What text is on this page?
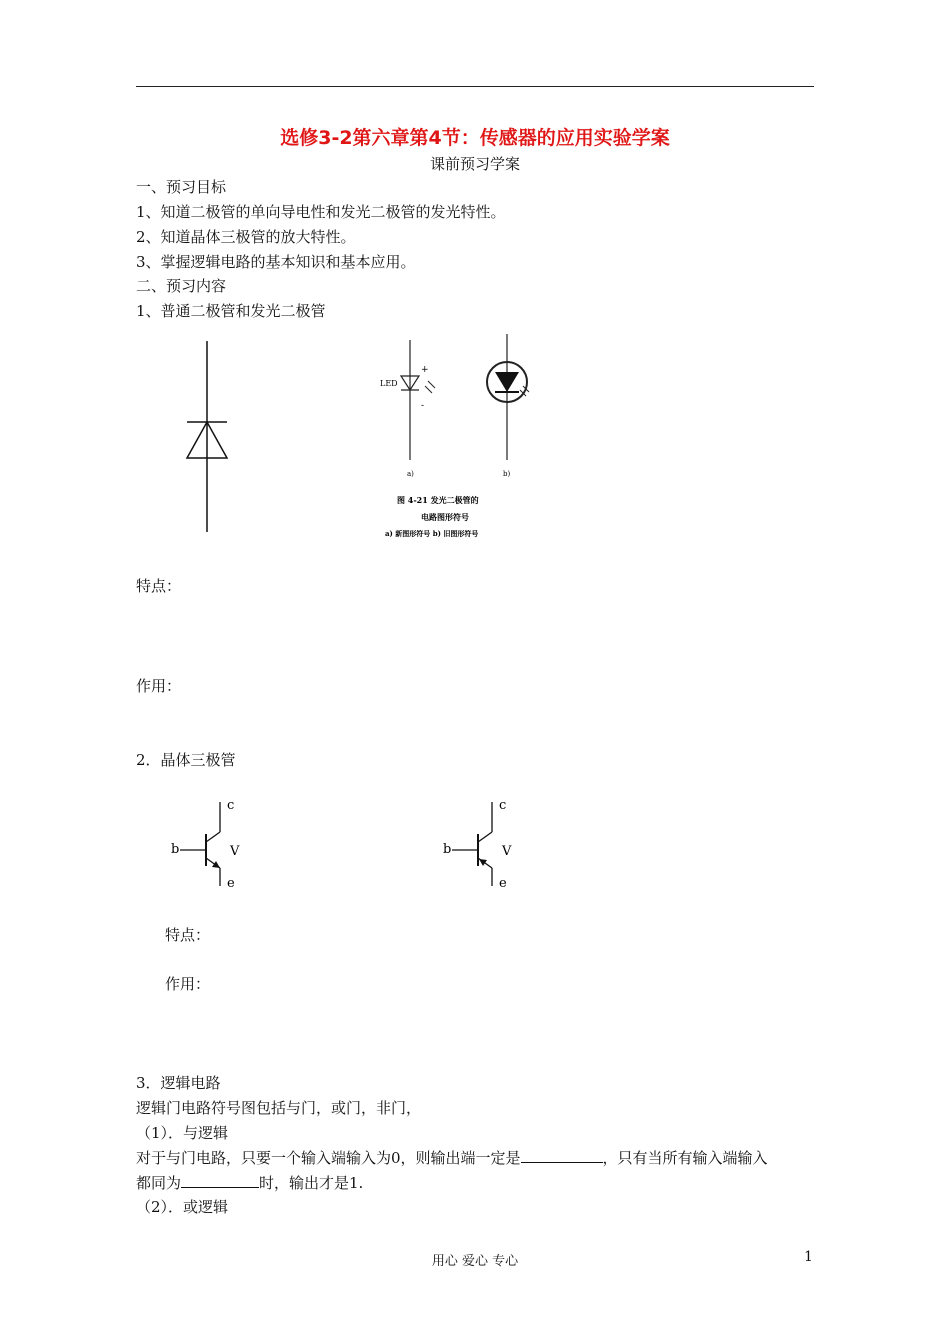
选修3-2第六章第4节：传感器的应用实验学案
课前预习学案
一、预习目标
1、知道二极管的单向导电性和发光二极管的发光特性。
2、知道晶体三极管的放大特性。
3、掌握逻辑电路的基本知识和基本应用。
二、预习内容
1、普通二极管和发光二极管
LED
+
-
a)	b)
图 4-21 发光二极管的
电路图形符号
a) 新图形符号 b) 旧图形符号
特点：
作用：
2．晶体三极管
c
b	V
e
c
b	V
e
特点：
作用：
3．逻辑电路
逻辑门电路符号图包括与门，或门，非门，
（1）．与逻辑
对于与门电路，只要一个输入端输入为0，则输出端一定是	，只有当所有输入端输入
都同为	时，输出才是1.
（2）．或逻辑
用心 爱心 专心	1
